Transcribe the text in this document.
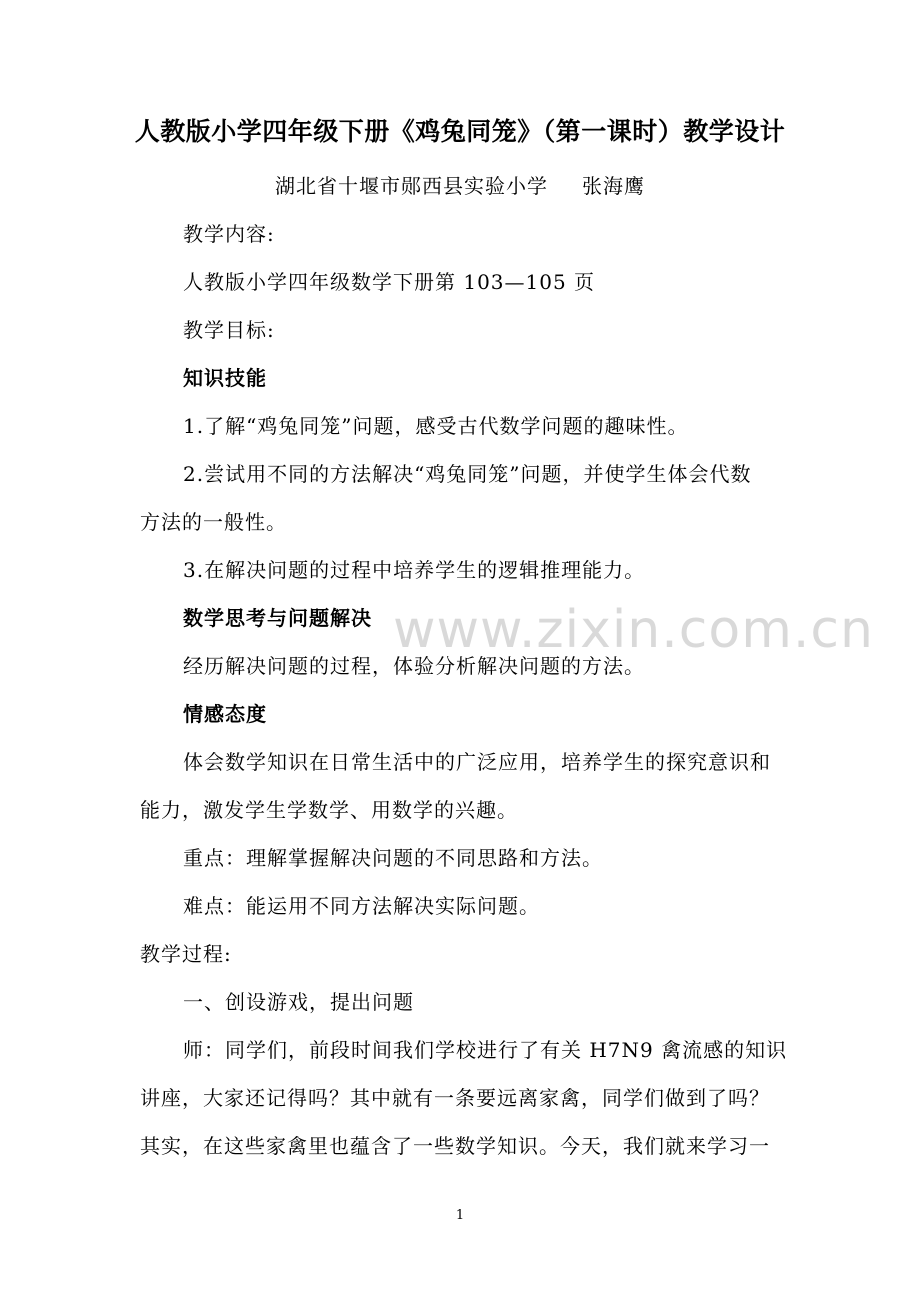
人教版小学四年级下册《鸡兔同笼》（第一课时）教学设计
湖北省十堰市郧西县实验小学 张海鹰
教学内容:
人教版小学四年级数学下册第 103—105 页
教学目标:
知识技能
1.了解“鸡兔同笼”问题，感受古代数学问题的趣味性。
2.尝试用不同的方法解决“鸡兔同笼”问题，并使学生体会代数
方法的一般性。
3.在解决问题的过程中培养学生的逻辑推理能力。
数学思考与问题解决
经历解决问题的过程，体验分析解决问题的方法。
情感态度
体会数学知识在日常生活中的广泛应用，培养学生的探究意识和
能力，激发学生学数学、用数学的兴趣。
重点：理解掌握解决问题的不同思路和方法。
难点：能运用不同方法解决实际问题。
教学过程:
一、创设游戏，提出问题
师：同学们，前段时间我们学校进行了有关 H7N9 禽流感的知识
讲座，大家还记得吗？其中就有一条要远离家禽，同学们做到了吗？
其实，在这些家禽里也蕴含了一些数学知识。今天，我们就来学习一
www.zixin.com.cn
1
